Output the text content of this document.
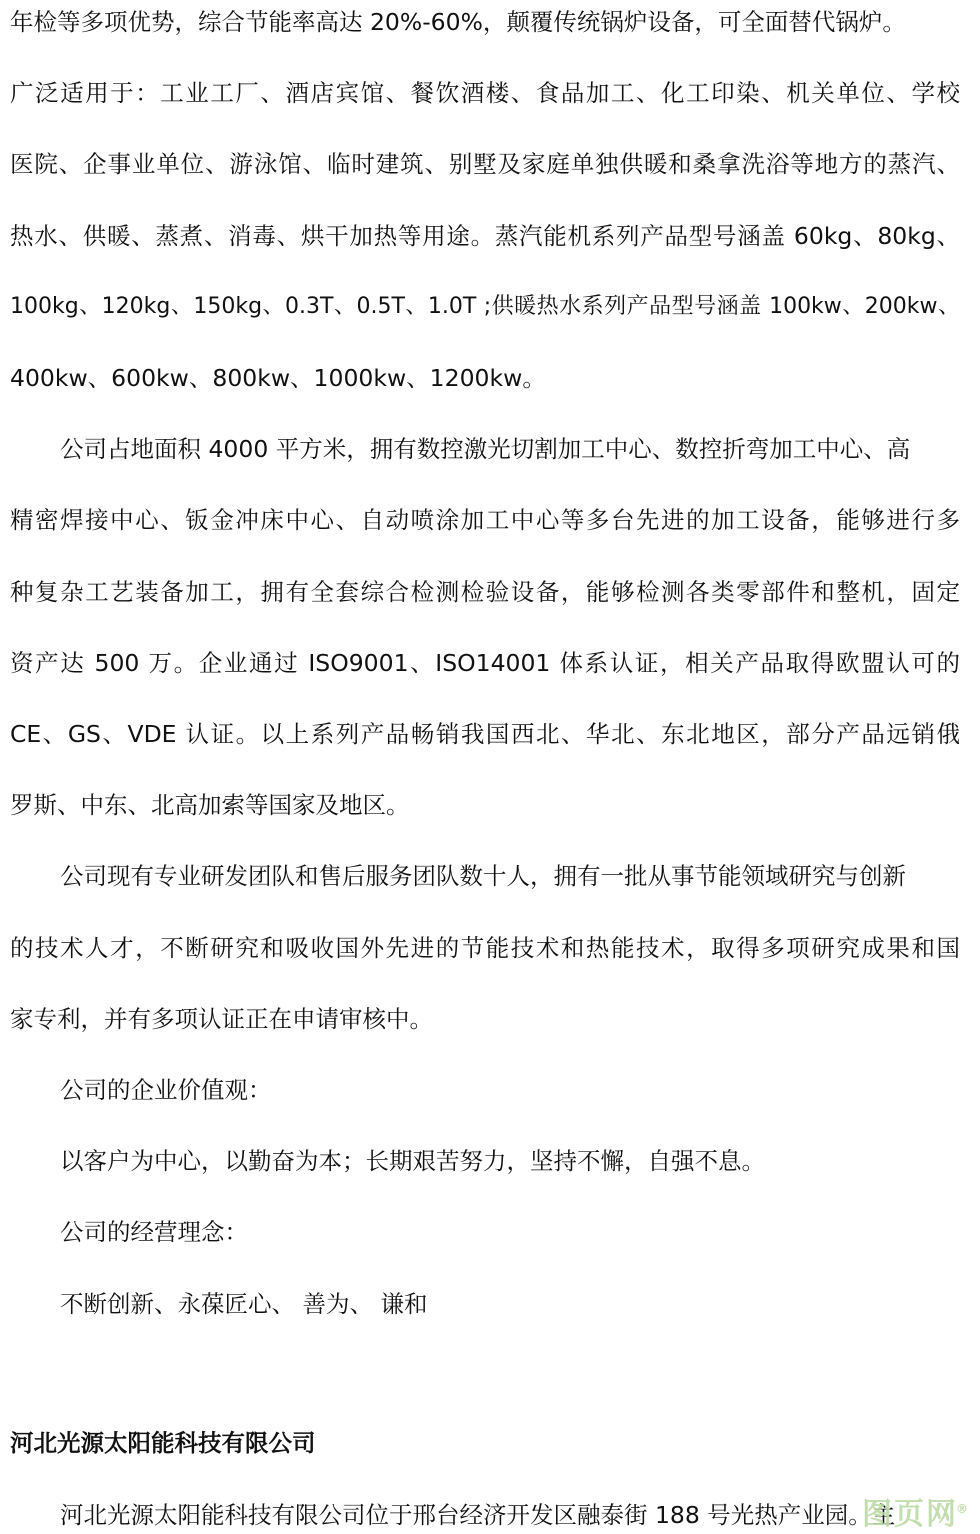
年检等多项优势，综合节能率高达 20%-60%，颠覆传统锅炉设备，可全面替代锅炉。
广泛适用于：工业工厂、酒店宾馆、餐饮酒楼、食品加工、化工印染、机关单位、学校
医院、企事业单位、游泳馆、临时建筑、别墅及家庭单独供暖和桑拿洗浴等地方的蒸汽、
热水、供暖、蒸煮、消毒、烘干加热等用途。蒸汽能机系列产品型号涵盖 60kg、80kg、
100kg、120kg、150kg、0.3T、0.5T、1.0T ;供暖热水系列产品型号涵盖 100kw、200kw、
400kw、600kw、800kw、1000kw、1200kw。
公司占地面积 4000 平方米，拥有数控激光切割加工中心、数控折弯加工中心、高
精密焊接中心、钣金冲床中心、自动喷涂加工中心等多台先进的加工设备，能够进行多
种复杂工艺装备加工，拥有全套综合检测检验设备，能够检测各类零部件和整机，固定
资产达 500 万。企业通过 ISO9001、ISO14001 体系认证，相关产品取得欧盟认可的
CE、GS、VDE 认证。以上系列产品畅销我国西北、华北、东北地区，部分产品远销俄
罗斯、中东、北高加索等国家及地区。
公司现有专业研发团队和售后服务团队数十人，拥有一批从事节能领域研究与创新
的技术人才，不断研究和吸收国外先进的节能技术和热能技术，取得多项研究成果和国
家专利，并有多项认证正在申请审核中。
公司的企业价值观：
以客户为中心，以勤奋为本；长期艰苦努力，坚持不懈，自强不息。
公司的经营理念：
不断创新、永葆匠心、 善为、 谦和
河北光源太阳能科技有限公司
河北光源太阳能科技有限公司位于邢台经济开发区融泰街 188 号光热产业园。主
图页网®
